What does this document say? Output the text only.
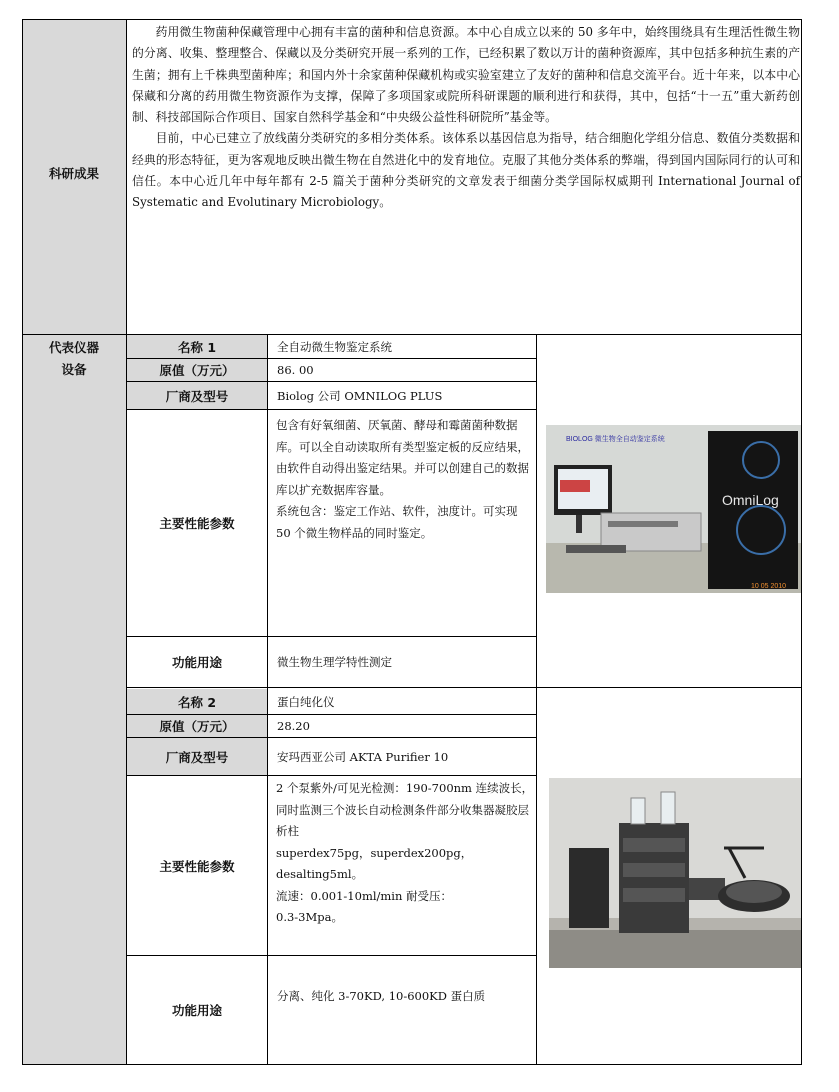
科研成果
代表仪器
设备

药用微生物菌种保藏管理中心拥有丰富的菌种和信息资源。本中心自成立以来的 50 多年中，始终围绕具有生理活性微生物的分离、收集、整理整合、保藏以及分类研究开展一系列的工作，已经积累了数以万计的菌种资源库，其中包括多种抗生素的产生菌；拥有上千株典型菌种库；和国内外十余家菌种保藏机构或实验室建立了友好的菌种和信息交流平台。近十年来，以本中心保藏和分离的药用微生物资源作为支撑，保障了多项国家或院所科研课题的顺利进行和获得，其中，包括“十一五”重大新药创制、科技部国际合作项目、国家自然科学基金和“中央级公益性科研院所”基金等。

目前，中心已建立了放线菌分类研究的多相分类体系。该体系以基因信息为指导，结合细胞化学组分信息、数值分类数据和经典的形态特征，更为客观地反映出微生物在自然进化中的发育地位。克服了其他分类体系的弊端，得到国内国际同行的认可和信任。本中心近几年中每年都有 2-5 篇关于菌种分类研究的文章发表于细菌分类学国际权威期刊 International Journal of Systematic and Evolutinary Microbiology。

名称 1
原值（万元）
厂商及型号
主要性能参数
功能用途
全自动微生物鉴定系统
86. 00
Biolog 公司 OMNILOG PLUS

包含有好氧细菌、厌氧菌、酵母和霉菌菌种数据库。可以全自动读取所有类型鉴定板的反应结果，由软件自动得出鉴定结果。并可以创建自己的数据库以扩充数据库容量。

系统包含：鉴定工作站、软件，浊度计。可实现 50 个微生物样品的同时鉴定。

微生物生理学特性测定
BIOLOG 微生物全自动鉴定系统
OmniLog
10 05 2010
名称 2
原值（万元）
厂商及型号
主要性能参数
功能用途
蛋白纯化仪
28.20
安玛西亚公司 AKTA Purifier 10

2 个泵紫外/可见光检测：190-700nm 连续波长，同时监测三个波长自动检测条件部分收集器凝胶层析柱

superdex75pg，superdex200pg，

desalting5ml。

流速：0.001-10ml/min 耐受压：

0.3-3Mpa。

分离、纯化 3-70KD, 10-600KD 蛋白质
